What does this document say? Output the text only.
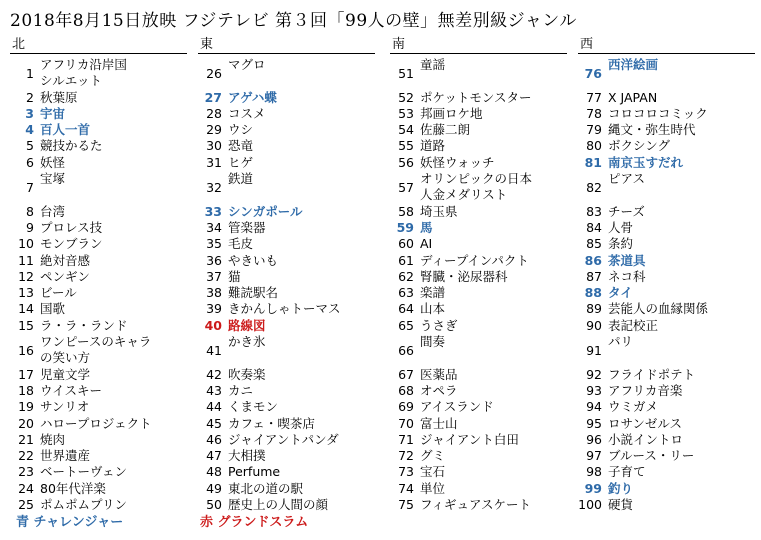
2018年8月15日放映 フジテレビ 第３回「99人の壁」無差別級ジャンル
北
1
アフリカ沿岸国
シルエット
2 秋葉原
3 宇宙
4 百人一首
5 競技かるた
6 妖怪
7
宝塚
8 台湾
9 プロレス技
10 モンブラン
11 絶対音感
12 ペンギン
13 ビール
14 国歌
15 ラ・ラ・ランド
16
ワンピースのキャラ
の笑い方
17 児童文学
18 ウイスキー
19 サンリオ
20 ハロープロジェクト
21 焼肉
22 世界遺産
23 ベートーヴェン
24 80年代洋楽
25 ポムポムプリン
東
26
マグロ
27 アゲハ蝶
28 コスメ
29 ウシ
30 恐竜
31 ヒゲ
32
鉄道
33 シンガポール
34 管楽器
35 毛皮
36 やきいも
37 猫
38 難読駅名
39 きかんしゃトーマス
40 路線図
41
かき氷
42 吹奏楽
43 カニ
44 くまモン
45 カフェ・喫茶店
46 ジャイアントパンダ
47 大相撲
48 Perfume
49 東北の道の駅
50 歴史上の人間の顔
南
51
童謡
52 ポケットモンスター
53 邦画ロケ地
54 佐藤二朗
55 道路
56 妖怪ウォッチ
57
オリンピックの日本
人金メダリスト
58 埼玉県
59 馬
60 AI
61 ディープインパクト
62 腎臓・泌尿器科
63 楽譜
64 山本
65 うさぎ
66
間奏
67 医薬品
68 オペラ
69 アイスランド
70 富士山
71 ジャイアント白田
72 グミ
73 宝石
74 単位
75 フィギュアスケート
西
76
西洋絵画
77 X JAPAN
78 コロコロコミック
79 縄文・弥生時代
80 ボクシング
81 南京玉すだれ
82
ピアス
83 チーズ
84 人骨
85 条約
86 茶道具
87 ネコ科
88 タイ
89 芸能人の血縁関係
90 表記校正
91
パリ
92 フライドポテト
93 アフリカ音楽
94 ウミガメ
95 ロサンゼルス
96 小説イントロ
97 ブルース・リー
98 子育て
99 釣り
100 硬貨
青 チャレンジャー	赤 グランドスラム
